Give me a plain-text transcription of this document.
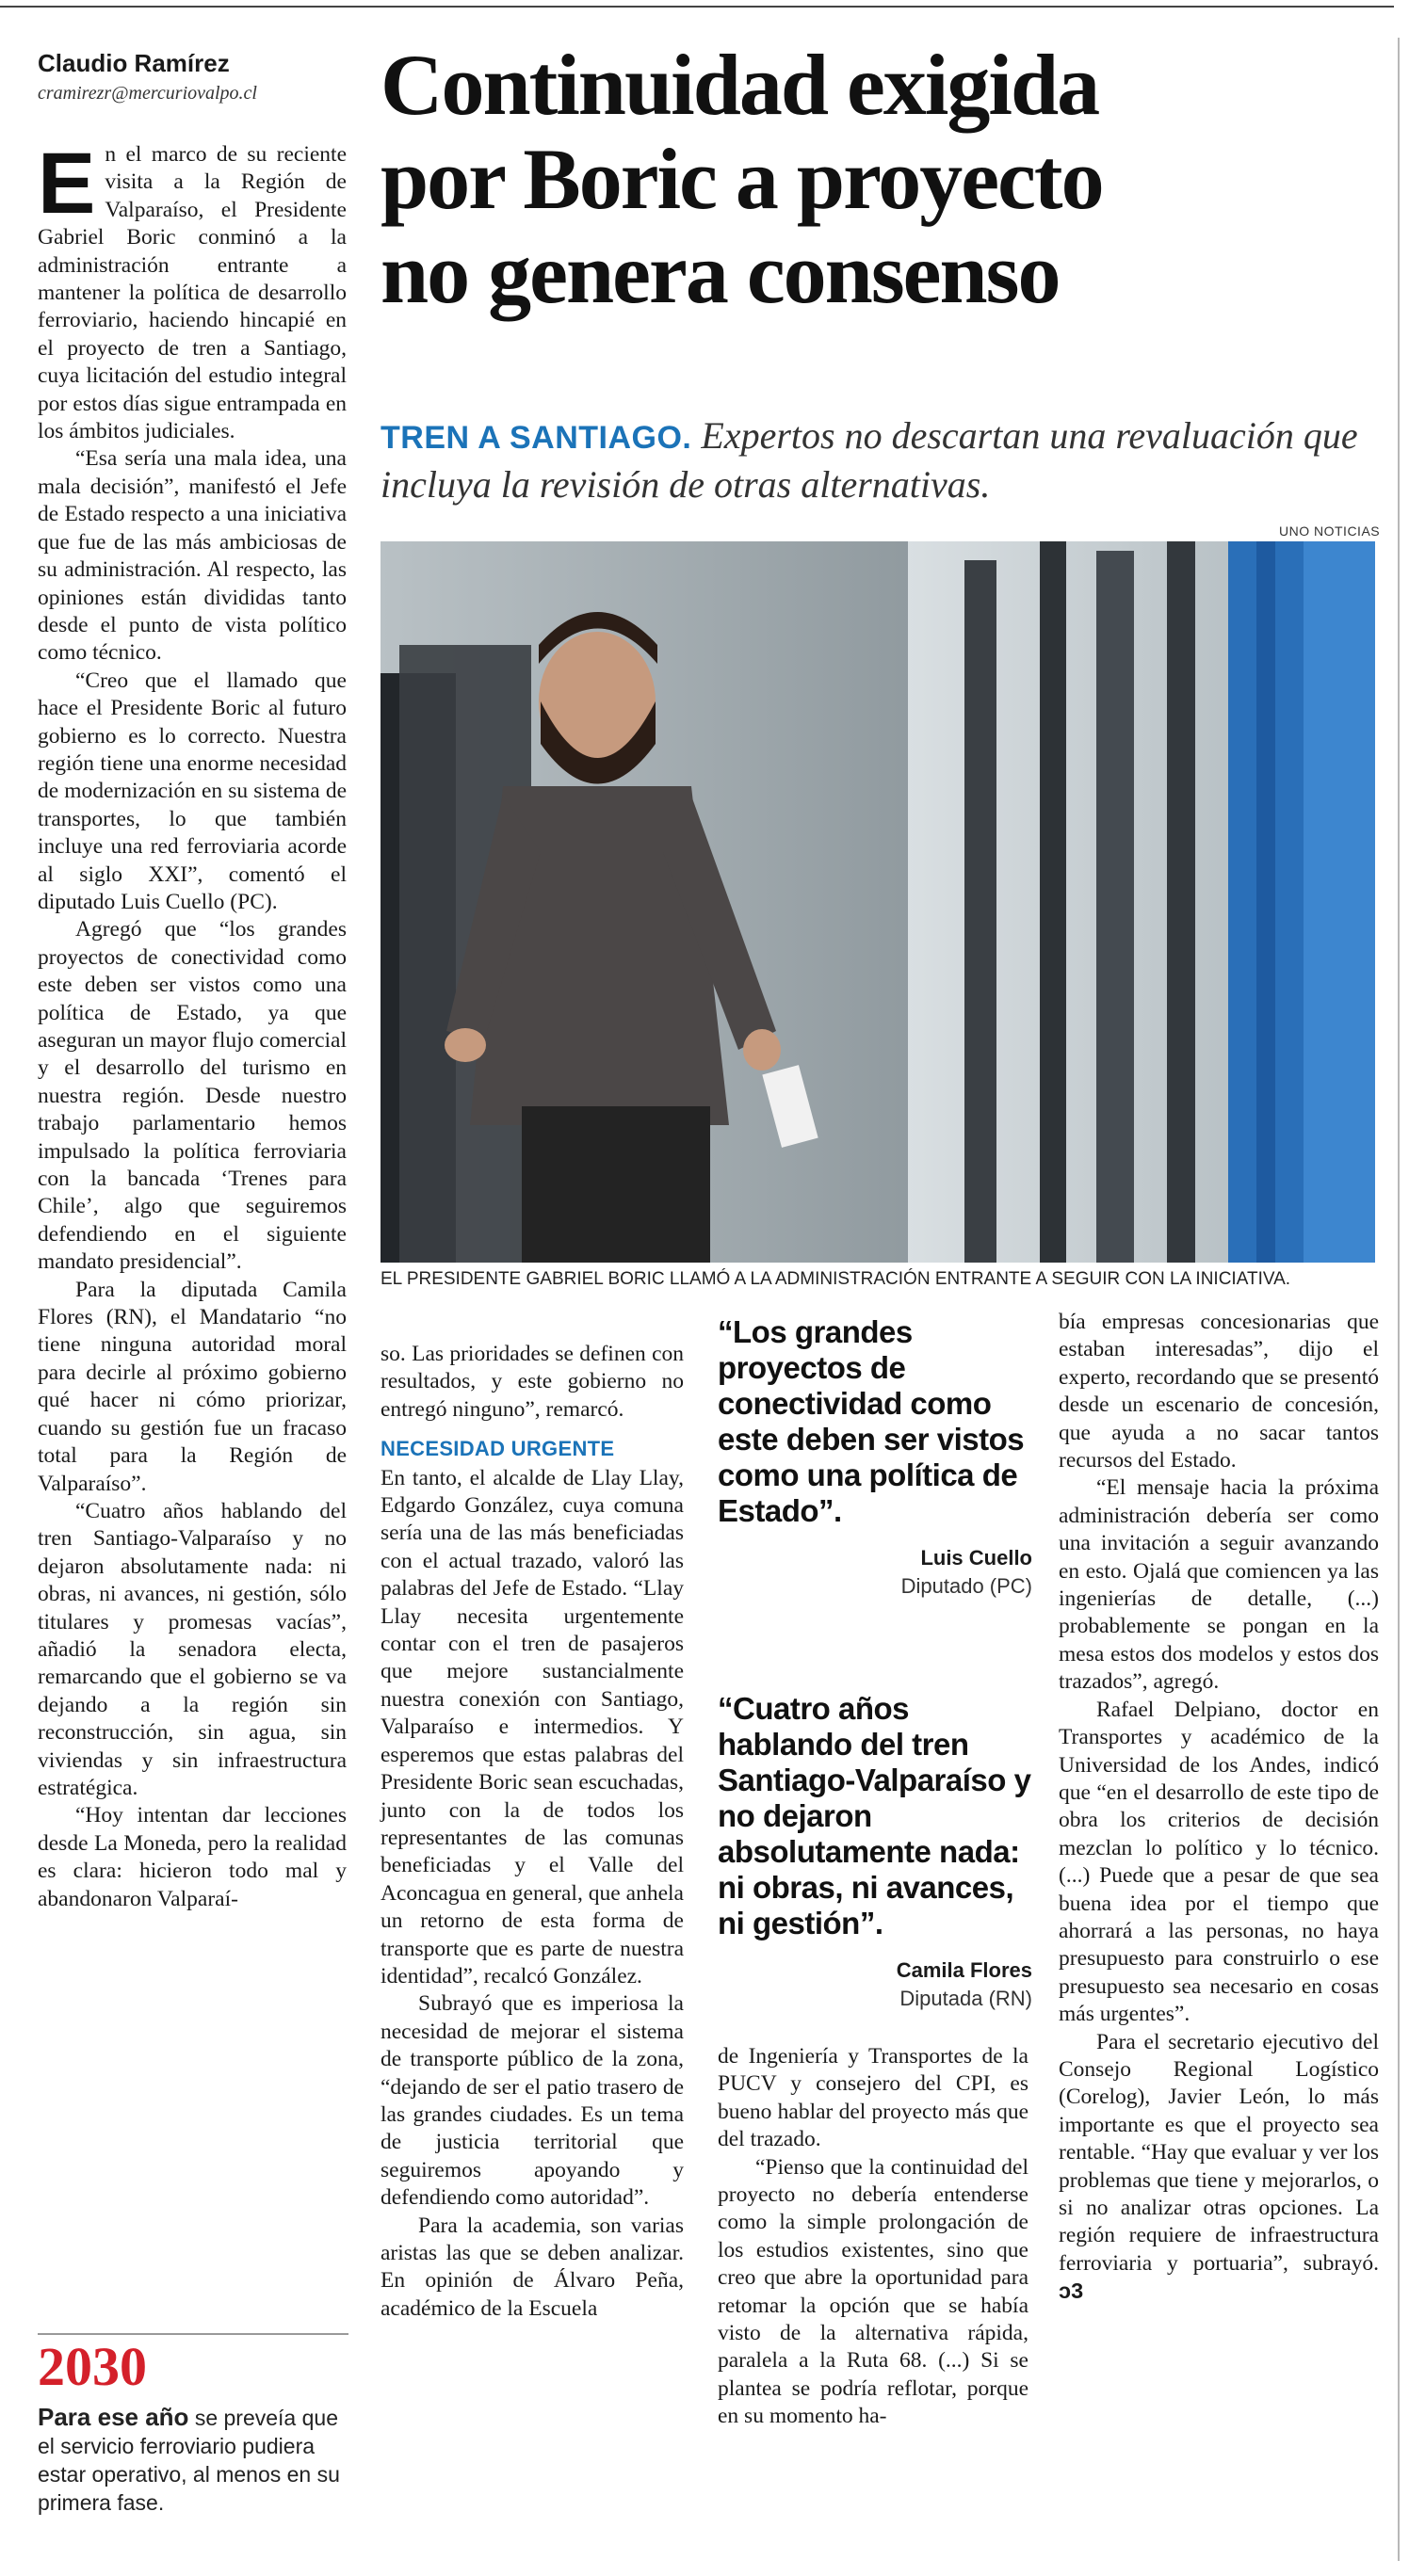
Claudio Ramírez
cramirezr@mercuriovalpo.cl Continuidad exigida
por Boric a proyecto
no genera consenso
TREN A SANTIAGO. Expertos no descartan una revaluación que incluya la revisión de otras alternativas.
UNO NOTICIAS
EL PRESIDENTE GABRIEL BORIC LLAMÓ A LA ADMINISTRACIÓN ENTRANTE A SEGUIR CON LA INICIATIVA.

En el marco de su reciente visita a la Región de Valparaíso, el Presidente Gabriel Boric conminó a la administración entrante a mantener la política de desarrollo ferroviario, haciendo hincapié en el proyecto de tren a Santiago, cuya licitación del estudio integral por estos días sigue entrampada en los ámbitos judiciales.

“Esa sería una mala idea, una mala decisión”, manifestó el Jefe de Estado respecto a una iniciativa que fue de las más ambiciosas de su administración. Al respecto, las opiniones están divididas tanto desde el punto de vista político como técnico.

“Creo que el llamado que hace el Presidente Boric al futuro gobierno es lo correcto. Nuestra región tiene una enorme necesidad de modernización en su sistema de transportes, lo que también incluye una red ferroviaria acorde al siglo XXI”, comentó el diputado Luis Cuello (PC).

Agregó que “los grandes proyectos de conectividad como este deben ser vistos como una política de Estado, ya que aseguran un mayor flujo comercial y el desarrollo del turismo en nuestra región. Desde nuestro trabajo parlamentario hemos impulsado la política ferroviaria con la bancada ‘Trenes para Chile’, algo que seguiremos defendiendo en el siguiente mandato presidencial”.

Para la diputada Camila Flores (RN), el Mandatario “no tiene ninguna autoridad moral para decirle al próximo gobierno qué hacer ni cómo priorizar, cuando su gestión fue un fracaso total para la Región de Valparaíso”.

“Cuatro años hablando del tren Santiago-Valparaíso y no dejaron absolutamente nada: ni obras, ni avances, ni gestión, sólo titulares y promesas vacías”, añadió la senadora electa, remarcando que el gobierno se va dejando a la región sin reconstrucción, sin agua, sin viviendas y sin infraestructura estratégica.

“Hoy intentan dar lecciones desde La Moneda, pero la realidad es clara: hicieron todo mal y abandonaron Valparaí-

so. Las prioridades se definen con resultados, y este gobierno no entregó ninguno”, remarcó.

NECESIDAD URGENTE

En tanto, el alcalde de Llay Llay, Edgardo González, cuya comuna sería una de las más beneficiadas con el actual trazado, valoró las palabras del Jefe de Estado. “Llay Llay necesita urgentemente contar con el tren de pasajeros que mejore sustancialmente nuestra conexión con Santiago, Valparaíso e intermedios. Y esperemos que estas palabras del Presidente Boric sean escuchadas, junto con la de todos los representantes de las comunas beneficiadas y el Valle del Aconcagua en general, que anhela un retorno de esta forma de transporte que es parte de nuestra identidad”, recalcó González.

Subrayó que es imperiosa la necesidad de mejorar el sistema de transporte público de la zona, “dejando de ser el patio trasero de las grandes ciudades. Es un tema de justicia territorial que seguiremos apoyando y defendiendo como autoridad”.

Para la academia, son varias aristas las que se deben analizar. En opinión de Álvaro Peña, académico de la Escuela

“Los grandes proyectos de conectividad como este deben ser vistos como una política de Estado”.
Luis Cuello
Diputado (PC)
“Cuatro años hablando del tren Santiago-Valparaíso y no dejaron absolutamente nada: ni obras, ni avances, ni gestión”.
Camila Flores
Diputada (RN)

de Ingeniería y Transportes de la PUCV y consejero del CPI, es bueno hablar del proyecto más que del trazado.

“Pienso que la continuidad del proyecto no debería entenderse como la simple prolongación de los estudios existentes, sino que creo que abre la oportunidad para retomar la opción que se había visto de la alternativa rápida, paralela a la Ruta 68. (...) Si se plantea se podría reflotar, porque en su momento ha-

bía empresas concesionarias que estaban interesadas”, dijo el experto, recordando que se presentó desde un escenario de concesión, que ayuda a no sacar tantos recursos del Estado.

“El mensaje hacia la próxima administración debería ser como una invitación a seguir avanzando en esto. Ojalá que comiencen ya las ingenierías de detalle, (...) probablemente se pongan en la mesa estos dos modelos y estos dos trazados”, agregó.

Rafael Delpiano, doctor en Transportes y académico de la Universidad de los Andes, indicó que “en el desarrollo de este tipo de obra los criterios de decisión mezclan lo político y lo técnico. (...) Puede que a pesar de que sea buena idea por el tiempo que ahorrará a las personas, no haya presupuesto para construirlo o ese presupuesto sea necesario en cosas más urgentes”.

Para el secretario ejecutivo del Consejo Regional Logístico (Corelog), Javier León, lo más importante es que el proyecto sea rentable. “Hay que evaluar y ver los problemas que tiene y mejorarlos, o si no analizar otras opciones. La región requiere de infraestructura ferroviaria y portuaria”, subrayó. ↄ3

2030
Para ese año se preveía que el servicio ferroviario pudiera estar operativo, al menos en su primera fase.
